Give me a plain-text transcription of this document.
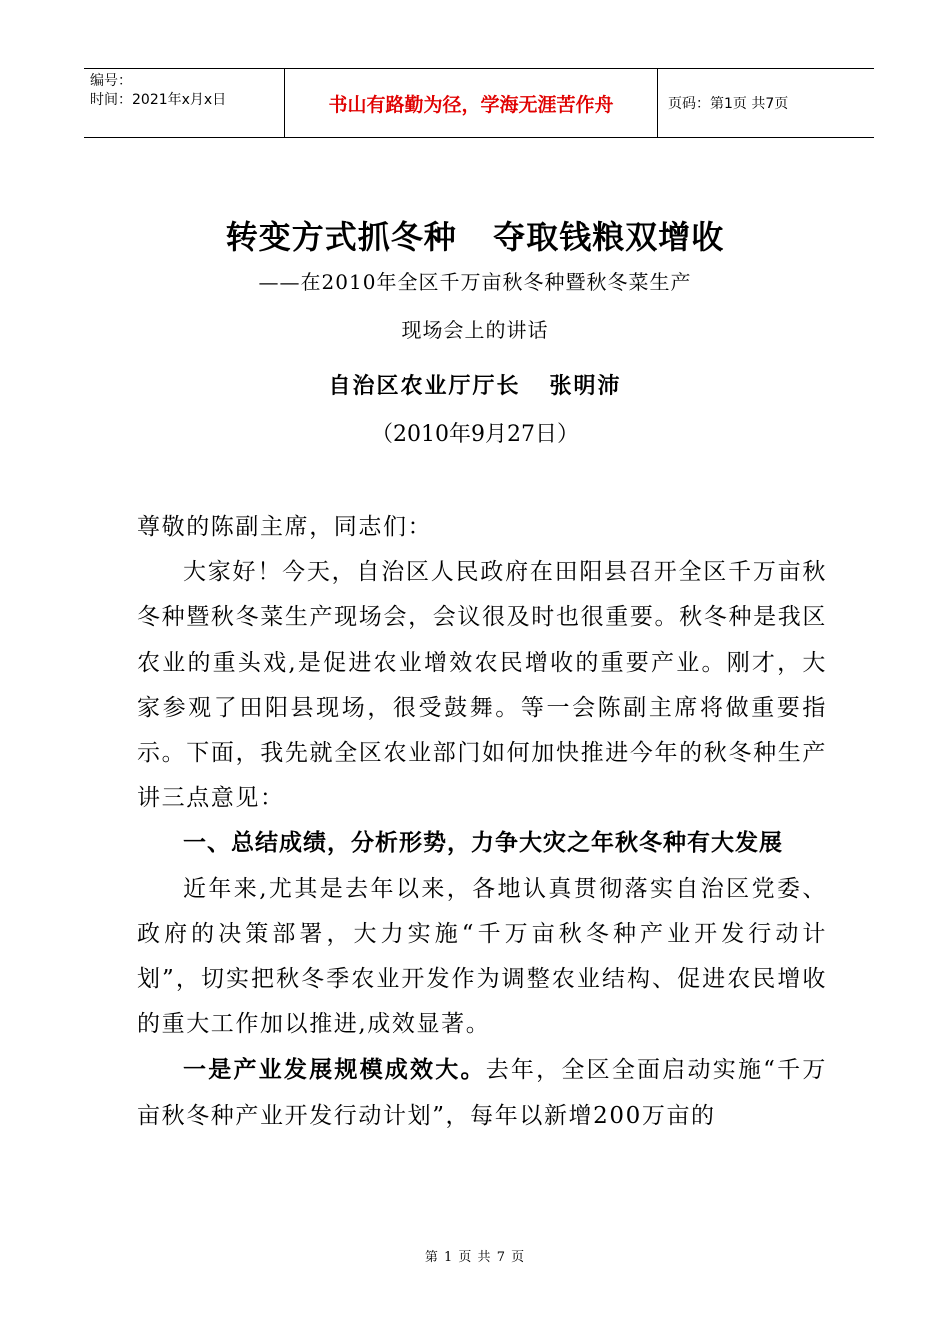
编号：
时间：2021年x月x日	书山有路勤为径，学海无涯苦作舟	页码：第1页 共7页
转变方式抓冬种   夺取钱粮双增收
——在2010年全区千万亩秋冬种暨秋冬菜生产
现场会上的讲话
自治区农业厅厅长   张明沛
（2010年9月27日）

尊敬的陈副主席，同志们：

大家好！今天，自治区人民政府在田阳县召开全区千万亩秋冬种暨秋冬菜生产现场会，会议很及时也很重要。秋冬种是我区农业的重头戏,是促进农业增效农民增收的重要产业。刚才，大家参观了田阳县现场，很受鼓舞。等一会陈副主席将做重要指示。下面，我先就全区农业部门如何加快推进今年的秋冬种生产讲三点意见：

一、总结成绩，分析形势，力争大灾之年秋冬种有大发展

近年来,尤其是去年以来，各地认真贯彻落实自治区党委、政府的决策部署，大力实施“千万亩秋冬种产业开发行动计划”，切实把秋冬季农业开发作为调整农业结构、促进农民增收的重大工作加以推进,成效显著。

一是产业发展规模成效大。去年，全区全面启动实施“千万亩秋冬种产业开发行动计划”，每年以新增200万亩的

第 1 页 共 7 页
